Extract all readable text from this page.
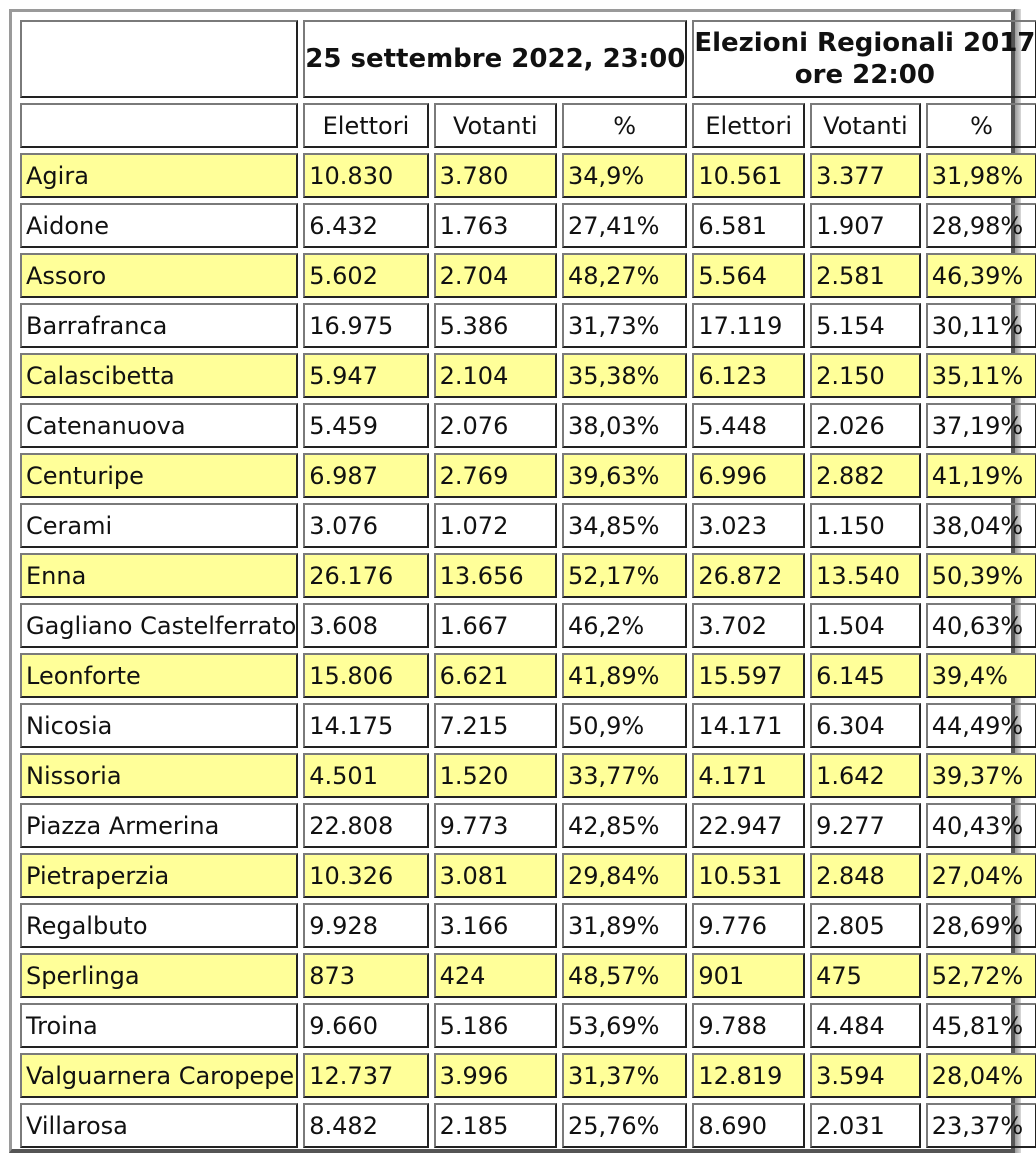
	25 settembre 2022, 23:00			Elezioni Regionali 2017
ore 22:00		
	Elettori	Votanti	%	Elettori	Votanti	%
Agira	10.830	3.780	34,9%	10.561	3.377	31,98%
Aidone	6.432	1.763	27,41%	6.581	1.907	28,98%
Assoro	5.602	2.704	48,27%	5.564	2.581	46,39%
Barrafranca	16.975	5.386	31,73%	17.119	5.154	30,11%
Calascibetta	5.947	2.104	35,38%	6.123	2.150	35,11%
Catenanuova	5.459	2.076	38,03%	5.448	2.026	37,19%
Centuripe	6.987	2.769	39,63%	6.996	2.882	41,19%
Cerami	3.076	1.072	34,85%	3.023	1.150	38,04%
Enna	26.176	13.656	52,17%	26.872	13.540	50,39%
Gagliano Castelferrato	3.608	1.667	46,2%	3.702	1.504	40,63%
Leonforte	15.806	6.621	41,89%	15.597	6.145	39,4%
Nicosia	14.175	7.215	50,9%	14.171	6.304	44,49%
Nissoria	4.501	1.520	33,77%	4.171	1.642	39,37%
Piazza Armerina	22.808	9.773	42,85%	22.947	9.277	40,43%
Pietraperzia	10.326	3.081	29,84%	10.531	2.848	27,04%
Regalbuto	9.928	3.166	31,89%	9.776	2.805	28,69%
Sperlinga	873	424	48,57%	901	475	52,72%
Troina	9.660	5.186	53,69%	9.788	4.484	45,81%
Valguarnera Caropepe	12.737	3.996	31,37%	12.819	3.594	28,04%
Villarosa	8.482	2.185	25,76%	8.690	2.031	23,37%
